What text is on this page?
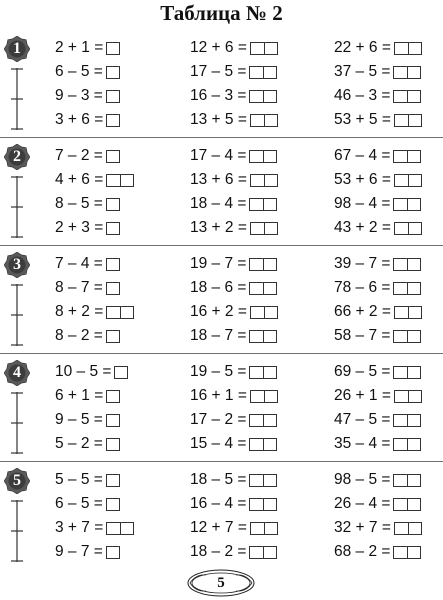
Таблица № 2
1	2 + 1 =	12 + 6 =	22 + 6 =
6 – 5 =	17 – 5 =	37 – 5 =
9 – 3 =	16 – 3 =	46 – 3 =
3 + 6 =	13 + 5 =	53 + 5 =
2	7 – 2 =	17 – 4 =	67 – 4 =
4 + 6 =	13 + 6 =	53 + 6 =
8 – 5 =	18 – 4 =	98 – 4 =
2 + 3 =	13 + 2 =	43 + 2 =
3	7 – 4 =	19 – 7 =	39 – 7 =
8 – 7 =	18 – 6 =	78 – 6 =
8 + 2 =	16 + 2 =	66 + 2 =
8 – 2 =	18 – 7 =	58 – 7 =
4	10 – 5 =	19 – 5 =	69 – 5 =
6 + 1 =	16 + 1 =	26 + 1 =
9 – 5 =	17 – 2 =	47 – 5 =
5 – 2 =	15 – 4 =	35 – 4 =
5	5 – 5 =	18 – 5 =	98 – 5 =
6 – 5 =	16 – 4 =	26 – 4 =
3 + 7 =	12 + 7 =	32 + 7 =
9 – 7 =	18 – 2 =	68 – 2 =
5
